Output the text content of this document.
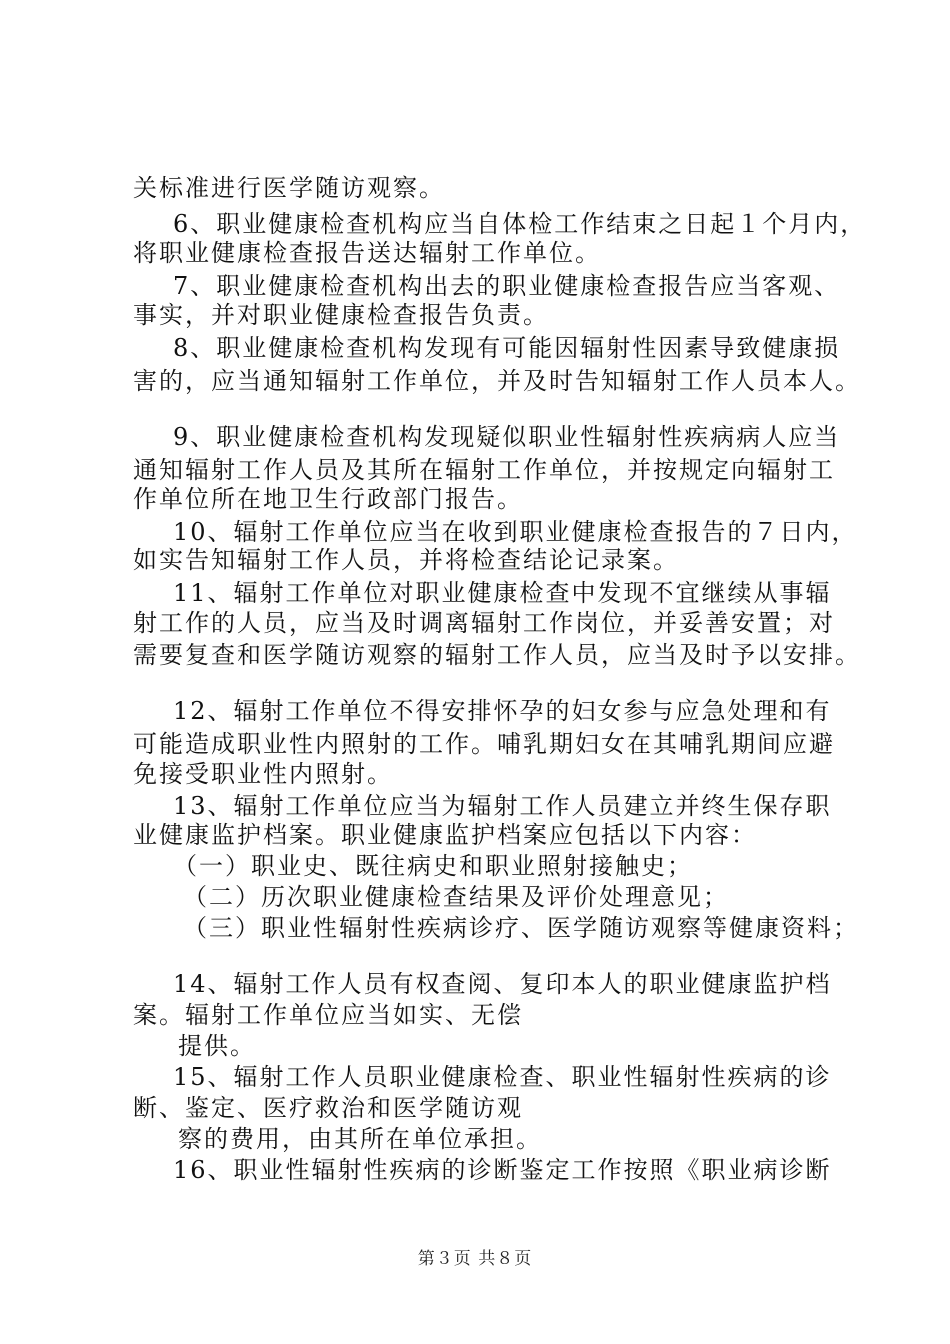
关标准进行医学随访观察。
6、职业健康检查机构应当自体检工作结束之日起１个月内，
将职业健康检查报告送达辐射工作单位。
7、职业健康检查机构出去的职业健康检查报告应当客观、
事实，并对职业健康检查报告负责。
8、职业健康检查机构发现有可能因辐射性因素导致健康损
害的，应当通知辐射工作单位，并及时告知辐射工作人员本人。
9、职业健康检查机构发现疑似职业性辐射性疾病病人应当
通知辐射工作人员及其所在辐射工作单位，并按规定向辐射工
作单位所在地卫生行政部门报告。
10、辐射工作单位应当在收到职业健康检查报告的７日内，
如实告知辐射工作人员，并将检查结论记录案。
11、辐射工作单位对职业健康检查中发现不宜继续从事辐
射工作的人员，应当及时调离辐射工作岗位，并妥善安置；对
需要复查和医学随访观察的辐射工作人员，应当及时予以安排。
12、辐射工作单位不得安排怀孕的妇女参与应急处理和有
可能造成职业性内照射的工作。哺乳期妇女在其哺乳期间应避
免接受职业性内照射。
13、辐射工作单位应当为辐射工作人员建立并终生保存职
业健康监护档案。职业健康监护档案应包括以下内容：
（一）职业史、既往病史和职业照射接触史；
（二）历次职业健康检查结果及评价处理意见；
（三）职业性辐射性疾病诊疗、医学随访观察等健康资料；
14、辐射工作人员有权查阅、复印本人的职业健康监护档
案。辐射工作单位应当如实、无偿
提供。
15、辐射工作人员职业健康检查、职业性辐射性疾病的诊
断、鉴定、医疗救治和医学随访观
察的费用，由其所在单位承担。
16、职业性辐射性疾病的诊断鉴定工作按照《职业病诊断
第３页 共８页
